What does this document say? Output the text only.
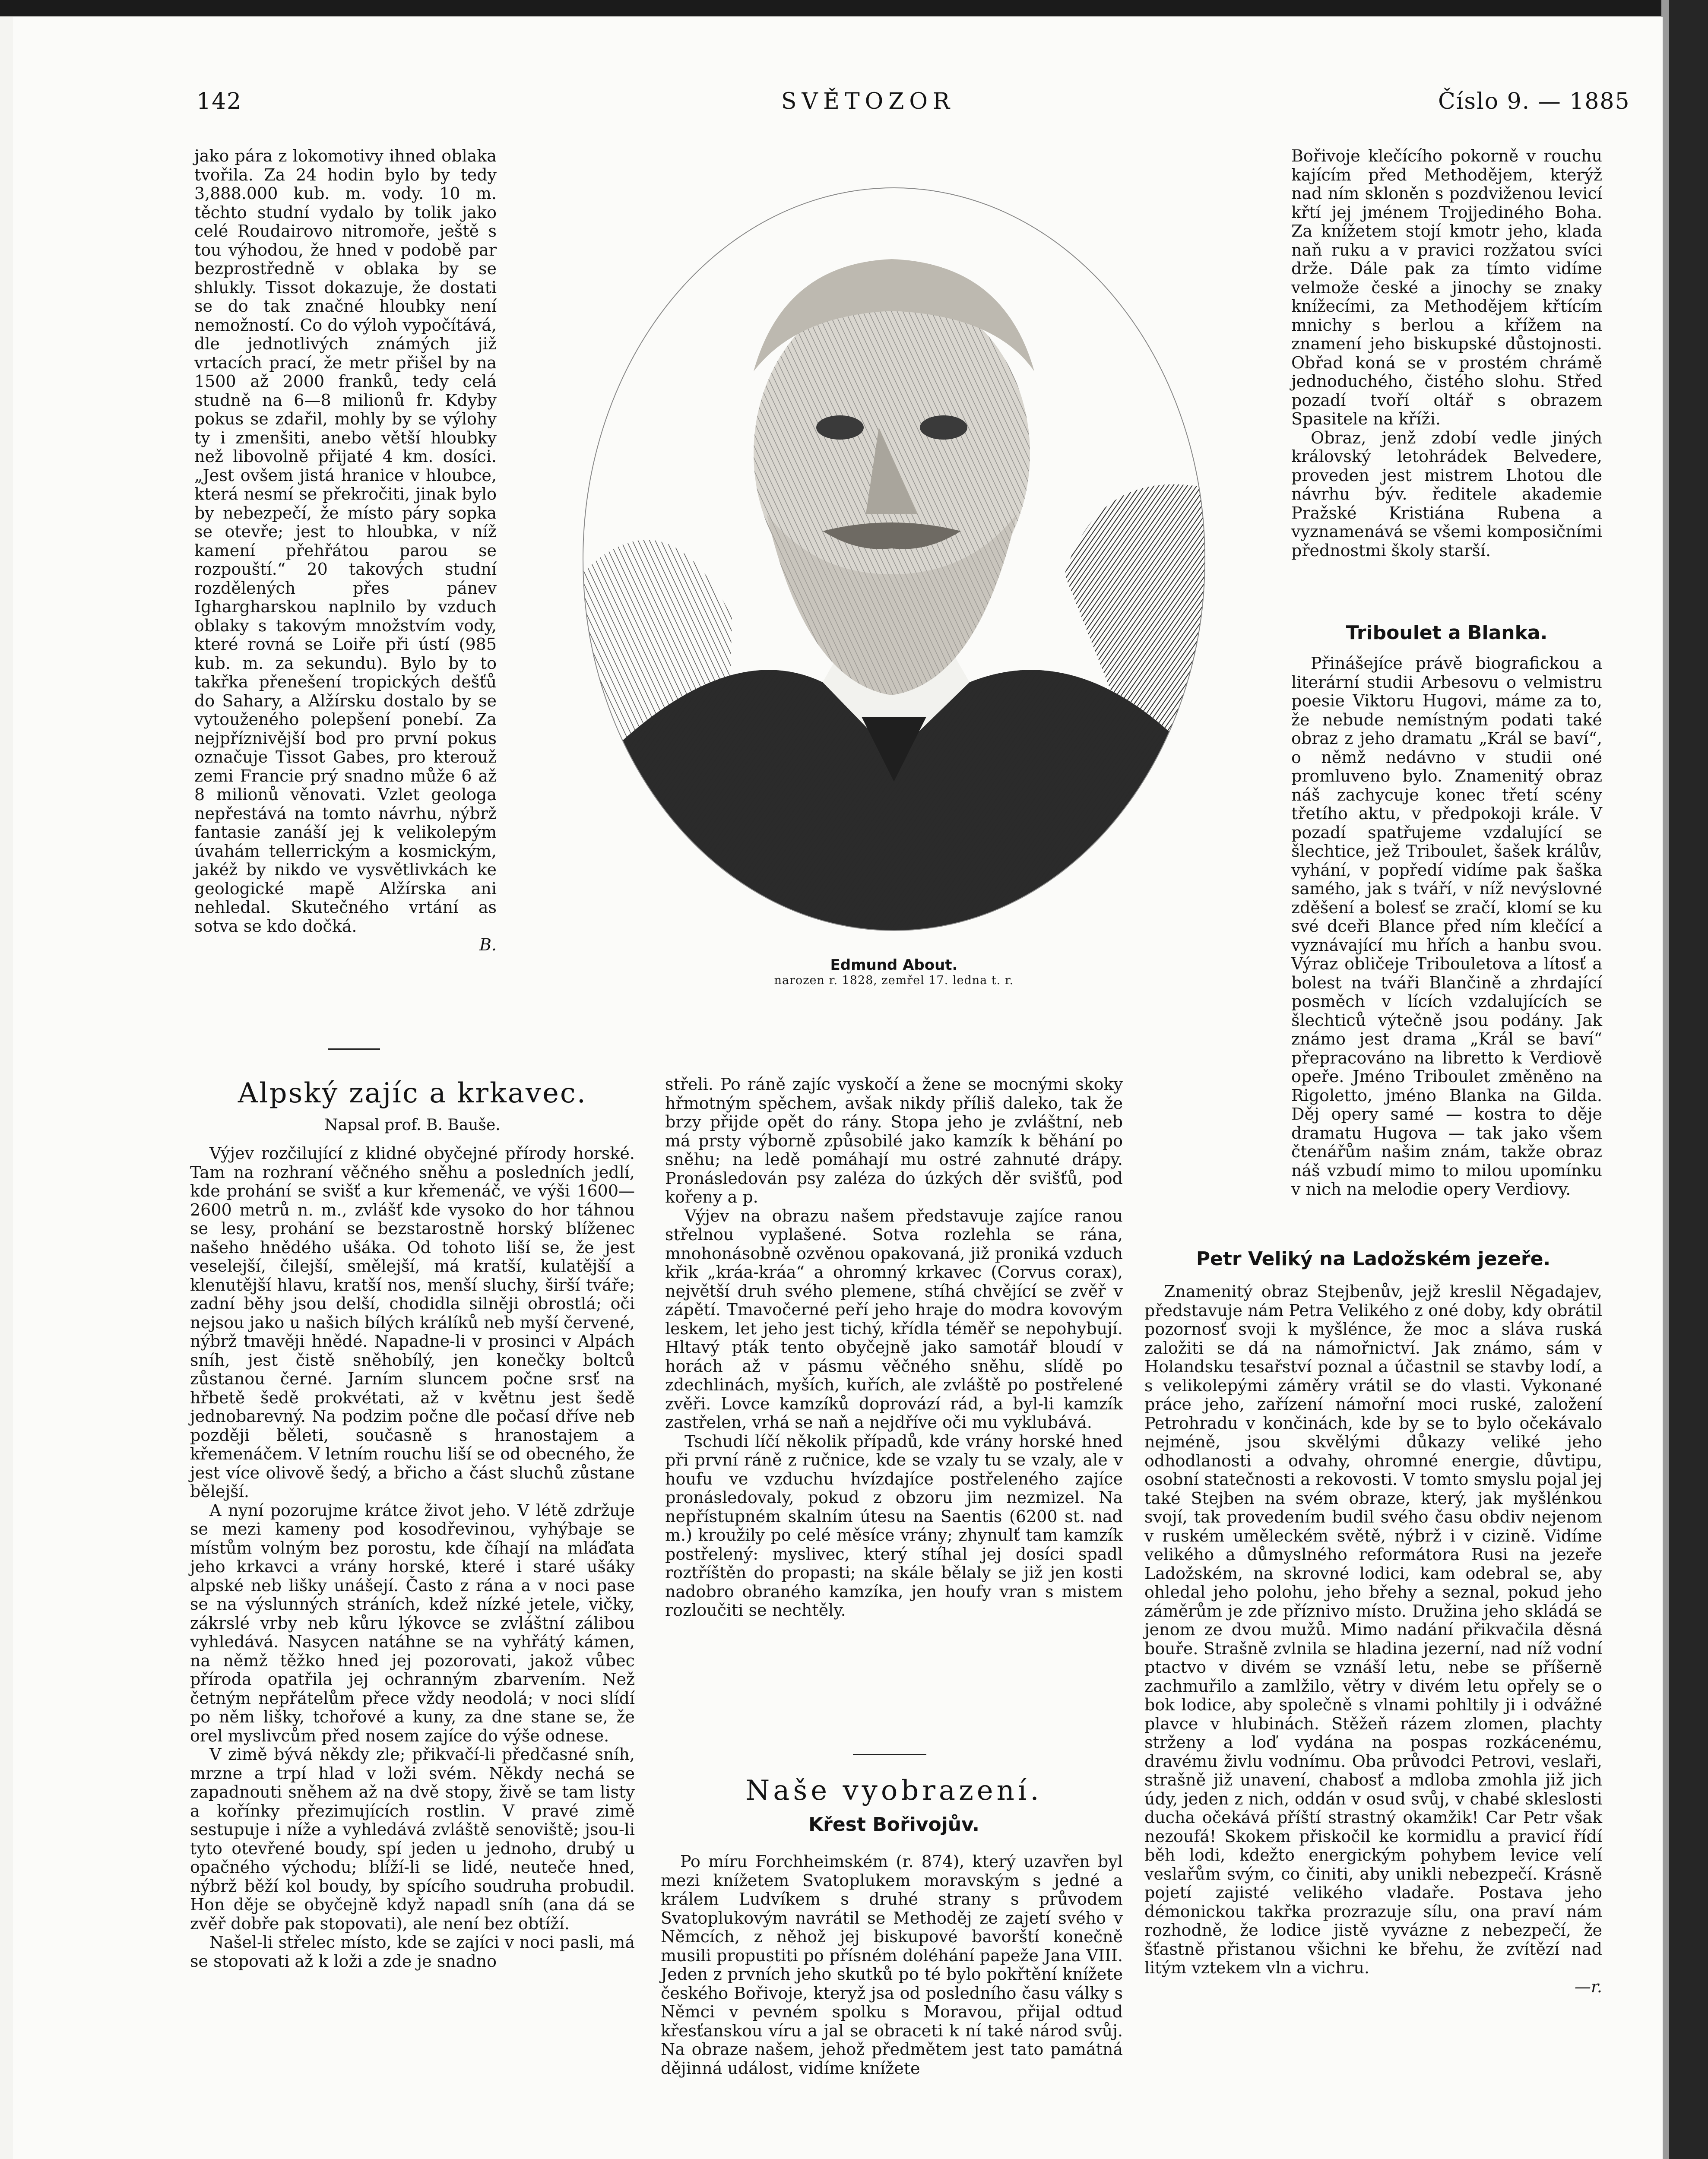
142	SVĚTOZOR	Číslo 9. — 1885

jako pára z lokomotivy ihned oblaka tvořila. Za 24 hodin bylo by tedy 3,888.000 kub. m. vody. 10 m. těchto studní vydalo by tolik jako celé Roudairovo nitromoře, ještě s tou výhodou, že hned v podobě par bezprostředně v oblaka by se shlukly. Tissot dokazuje, že dostati se do tak značné hloubky není nemožností. Co do výloh vypočítává, dle jednotlivých známých již vrtacích prací, že metr přišel by na 1500 až 2000 franků, tedy celá studně na 6—8 milionů fr. Kdyby pokus se zdařil, mohly by se výlohy ty i zmenšiti, anebo větší hloubky než libovolně přijaté 4 km. dosíci. „Jest ovšem jistá hranice v hloubce, která nesmí se překročiti, jinak bylo by nebezpečí, že místo páry sopka se otevře; jest to hloubka, v níž kamení přehřátou parou se rozpouští.“ 20 takových studní rozdělených přes pánev Ighargharskou naplnilo by vzduch oblaky s takovým množstvím vody, které rovná se Loiře při ústí (985 kub. m. za sekundu). Bylo by to takřka přenešení tropických dešťů do Sahary, a Alžírsku dostalo by se vytouženého polepšení ponebí. Za nejpříznivější bod pro první pokus označuje Tissot Gabes, pro kterouž zemi Francie prý snadno může 6 až 8 milionů věnovati. Vzlet geologa nepřestává na tomto návrhu, nýbrž fantasie zanáší jej k velikolepým úvahám tellerrickým a kosmickým, jakéž by nikdo ve vysvětlivkách ke geologické mapě Alžírska ani nehledal. Skutečného vrtání as sotva se kdo dočká.

B.

Alpský zajíc a krkavec.
Napsal prof. B. Bauše.

Výjev rozčilující z klidné obyčejné přírody horské. Tam na rozhraní věčného sněhu a posledních jedlí, kde prohání se svišť a kur křemenáč, ve výši 1600—2600 metrů n. m., zvlášť kde vysoko do hor táhnou se lesy, prohání se bezstarostně horský blíženec našeho hnědého ušáka. Od tohoto liší se, že jest veselejší, čilejší, smělejší, má kratší, kulatější a klenutější hlavu, kratší nos, menší sluchy, širší tváře; zadní běhy jsou delší, chodidla silněji obrostlá; oči nejsou jako u našich bílých králíků neb myší červené, nýbrž tmavěji hnědé. Napadne-li v prosinci v Alpách sníh, jest čistě sněhobílý, jen konečky boltců zůstanou černé. Jarním sluncem počne srsť na hřbetě šedě prokvétati, až v květnu jest šedě jednobarevný. Na podzim počne dle počasí dříve neb později běleti, současně s hranostajem a křemenáčem. V letním rouchu liší se od obecného, že jest více olivově šedý, a břicho a část sluchů zůstane bělejší.

A nyní pozorujme krátce život jeho. V létě zdržuje se mezi kameny pod kosodřevinou, vyhýbaje se místům volným bez porostu, kde číhají na mláďata jeho krkavci a vrány horské, které i staré ušáky alpské neb lišky unášejí. Často z rána a v noci pase se na výslunných stráních, kdež nízké jetele, vičky, zákrslé vrby neb kůru lýkovce se zvláštní zálibou vyhledává. Nasycen natáhne se na vyhřátý kámen, na němž těžko hned jej pozorovati, jakož vůbec příroda opatřila jej ochranným zbarvením. Než četným nepřátelům přece vždy neodolá; v noci slídí po něm lišky, tchořové a kuny, za dne stane se, že orel myslivcům před nosem zajíce do výše odnese.

V zimě bývá někdy zle; přikvačí-li předčasné sníh, mrzne a trpí hlad v loži svém. Někdy nechá se zapadnouti sněhem až na dvě stopy, živě se tam listy a kořínky přezimujících rostlin. V pravé zimě sestupuje i níže a vyhledává zvláště senoviště; jsou-li tyto otevřené boudy, spí jeden u jednoho, drubý u opačného východu; blíží-li se lidé, neuteče hned, nýbrž běží kol boudy, by spícího soudruha probudil. Hon děje se obyčejně když napadl sníh (ana dá se zvěř dobře pak stopovati), ale není bez obtíží.

Našel-li střelec místo, kde se zajíci v noci pasli, má se stopovati až k loži a zde je snadno

Edmund About.
narozen r. 1828, zemřel 17. ledna t. r.

střeli. Po ráně zajíc vyskočí a žene se mocnými skoky hřmotným spěchem, avšak nikdy příliš daleko, tak že brzy přijde opět do rány. Stopa jeho je zvláštní, neb má prsty výborně způsobilé jako kamzík k běhání po sněhu; na ledě pomáhají mu ostré zahnuté drápy. Pronásledován psy zaléza do úzkých děr svišťů, pod kořeny a p.

Výjev na obrazu našem představuje zajíce ranou střelnou vyplašené. Sotva rozlehla se rána, mnohonásobně ozvěnou opakovaná, již proniká vzduch křik „kráa-kráa“ a ohromný krkavec (Corvus corax), největší druh svého plemene, stíhá chvějící se zvěř v zápětí. Tmavočerné peří jeho hraje do modra kovovým leskem, let jeho jest tichý, křídla téměř se nepohybují. Hltavý pták tento obyčejně jako samotář bloudí v horách až v pásmu věčného sněhu, slídě po zdechlinách, myších, kuřích, ale zvláště po postřelené zvěři. Lovce kamzíků doprovází rád, a byl-li kamzík zastřelen, vrhá se naň a nejdříve oči mu vyklubává.

Tschudi líčí několik případů, kde vrány horské hned při první ráně z ručnice, kde se vzaly tu se vzaly, ale v houfu ve vzduchu hvízdajíce postřeleného zajíce pronásledovaly, pokud z obzoru jim nezmizel. Na nepřístupném skalním útesu na Saentis (6200 st. nad m.) kroužily po celé měsíce vrány; zhynulť tam kamzík postřelený: myslivec, který stíhal jej dosíci spadl roztříštěn do propasti; na skále bělaly se již jen kosti nadobro obraného kamzíka, jen houfy vran s mistem rozloučiti se nechtěly.

Naše vyobrazení.
Křest Bořivojův.

Po míru Forchheimském (r. 874), který uzavřen byl mezi knížetem Svatoplukem moravským s jedné a králem Ludvíkem s druhé strany s průvodem Svatoplukovým navrátil se Methoděj ze zajetí svého v Němcích, z něhož jej biskupové bavorští konečně musili propustiti po přísném doléhání papeže Jana VIII. Jeden z prvních jeho skutků po té bylo pokřtění knížete českého Bořivoje, kteryž jsa od posledního času války s Němci v pevném spolku s Moravou, přijal odtud křesťanskou víru a jal se obraceti k ní také národ svůj. Na obraze našem, jehož předmětem jest tato památná dějinná událost, vidíme knížete

Bořivoje klečícího pokorně v rouchu kajícím před Methodějem, kterýž nad ním skloněn s pozdviženou levicí křtí jej jménem Trojjediného Boha. Za knížetem stojí kmotr jeho, klada naň ruku a v pravici rozžatou svíci drže. Dále pak za tímto vidíme velmože české a jinochy se znaky knížecími, za Methodějem křtícím mnichy s berlou a křížem na znamení jeho biskupské důstojnosti. Obřad koná se v prostém chrámě jednoduchého, čistého slohu. Střed pozadí tvoří oltář s obrazem Spasitele na kříži.

Obraz, jenž zdobí vedle jiných královský letohrádek Belvedere, proveden jest mistrem Lhotou dle návrhu býv. ředitele akademie Pražské Kristiána Rubena a vyznamenává se všemi komposičními přednostmi školy starší.

Triboulet a Blanka.

Přinášejíce právě biografickou a literární studii Arbesovu o velmistru poesie Viktoru Hugovi, máme za to, že nebude nemístným podati také obraz z jeho dramatu „Král se baví“, o němž nedávno v studii oné promluveno bylo. Znamenitý obraz náš zachycuje konec třetí scény třetího aktu, v předpokoji krále. V pozadí spatřujeme vzdalující se šlechtice, jež Triboulet, šašek králův, vyhání, v popředí vidíme pak šaška samého, jak s tváří, v níž nevýslovné zděšení a bolesť se zračí, klomí se ku své dceři Blance před ním klečící a vyznávající mu hřích a hanbu svou. Výraz obličeje Tribouletova a lítosť a bolest na tváři Blančině a zhrdající posměch v lících vzdalujících se šlechticů výtečně jsou podány. Jak známo jest drama „Král se baví“ přepracováno na libretto k Verdiově opeře. Jméno Triboulet změněno na Rigoletto, jméno Blanka na Gilda. Děj opery samé — kostra to děje dramatu Hugova — tak jako všem čtenářům našim znám, takže obraz náš vzbudí mimo to milou upomínku v nich na melodie opery Verdiovy.

Petr Veliký na Ladožském jezeře.

Znamenitý obraz Stejbenův, jejž kreslil Něgadajev, představuje nám Petra Velikého z oné doby, kdy obrátil pozornosť svoji k myšlénce, že moc a sláva ruská založiti se dá na námořnictví. Jak známo, sám v Holandsku tesařství poznal a účastnil se stavby lodí, a s velikolepými záměry vrátil se do vlasti. Vykonané práce jeho, zařízení námořní moci ruské, založení Petrohradu v končinách, kde by se to bylo očekávalo nejméně, jsou skvělými důkazy veliké jeho odhodlanosti a odvahy, ohromné energie, důvtipu, osobní statečnosti a rekovosti. V tomto smyslu pojal jej také Stejben na svém obraze, který, jak myšlénkou svojí, tak provedením budil svého času obdiv nejenom v ruském uměleckém světě, nýbrž i v cizině. Vidíme velikého a důmyslného reformátora Rusi na jezeře Ladožském, na skrovné lodici, kam odebral se, aby ohledal jeho polohu, jeho břehy a seznal, pokud jeho záměrům je zde příznivo místo. Družina jeho skládá se jenom ze dvou mužů. Mimo nadání přikvačila děsná bouře. Strašně zvlnila se hladina jezerní, nad níž vodní ptactvo v divém se vznáší letu, nebe se příšerně zachmuřilo a zamlžilo, větry v divém letu opřely se o bok lodice, aby společně s vlnami pohltily ji i odvážné plavce v hlubinách. Stěžeň rázem zlomen, plachty strženy a loď vydána na pospas rozkácenému, dravému živlu vodnímu. Oba průvodci Petrovi, veslaři, strašně již unavení, chabosť a mdloba zmohla již jich údy, jeden z nich, oddán v osud svůj, v chabé skleslosti ducha očekává příští strastný okamžik! Car Petr však nezoufá! Skokem přiskočil ke kormidlu a pravicí řídí běh lodi, kdežto energickým pohybem levice velí veslařům svým, co činiti, aby unikli nebezpečí. Krásně pojetí zajisté velikého vladaře. Postava jeho démonickou takřka prozrazuje sílu, ona praví nám rozhodně, že lodice jistě vyvázne z nebezpečí, že šťastně přistanou všichni ke břehu, že zvítězí nad litým vztekem vln a vichru.

—r.
